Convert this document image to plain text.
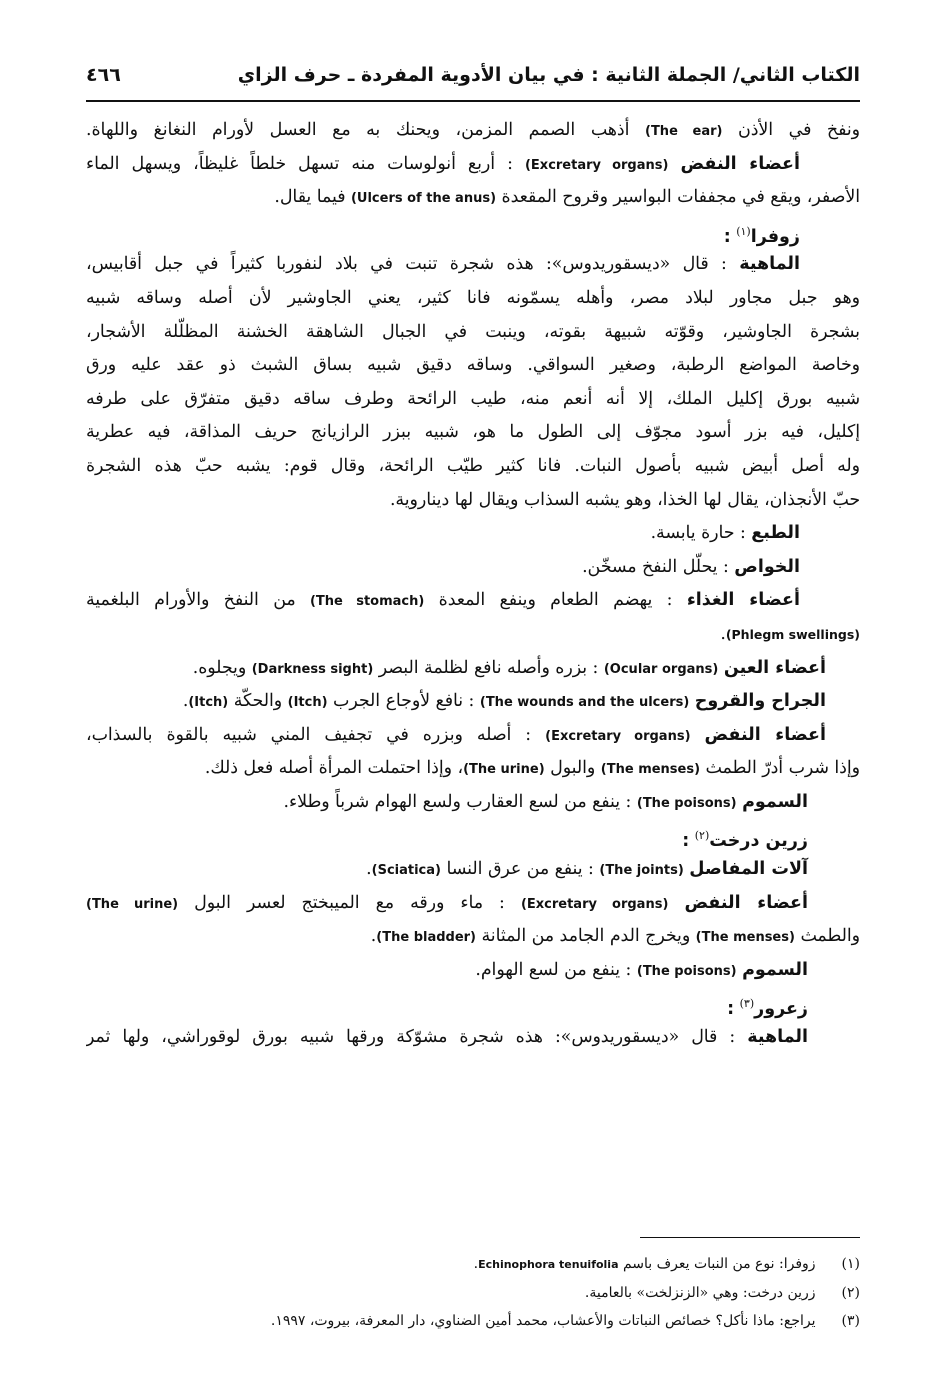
الكتاب الثاني/ الجملة الثانية : في بيان الأدوية المفردة ـ حرف الزاي
٤٦٦
ونفخ في الأذن (The ear) أذهب الصمم المزمن، ويحنك به مع العسل لأورام النغانغ واللهاة.
أعضاء النفض (Excretary organs) : أربع أنولوسات منه تسهل خلطاً غليظاً، ويسهل الماء
الأصفر، ويقع في مجففات البواسير وقروح المقعدة (Ulcers of the anus) فيما يقال.
زوفرا$^{(١)}$ :
الماهية : قال «ديسقوريدوس»: هذه شجرة تنبت في بلاد لنفوربا كثيراً في جبل أقابيس،
وهو جبل مجاور لبلاد مصر، وأهله يسمّونه فانا كثير، يعني الجاوشير لأن أصله وساقه شبيه
بشجرة الجاوشير، وقوّته شبيهة بقوته، وينبت في الجبال الشاهقة الخشنة المظلّلة الأشجار،
وخاصة المواضع الرطبة، وصغير السواقي. وساقه دقيق شبيه بساق الشبث ذو عقد عليه ورق
شبيه بورق إكليل الملك، إلا أنه أنعم منه، طيب الرائحة وطرف ساقه دقيق متفرّق على طرفه
إكليل، فيه بزر أسود مجوّف إلى الطول ما هو، شبيه ببزر الرازيانج حريف المذاقة، فيه عطرية
وله أصل أبيض شبيه بأصول النبات. فانا كثير طيّب الرائحة، وقال قوم: يشبه حبّ هذه الشجرة
حبّ الأنجذان، يقال لها الخذا، وهو يشبه السذاب ويقال لها ديناروية.
الطبع : حارة يابسة.
الخواص : يحلّل النفخ مسخّن.
أعضاء الغذاء : يهضم الطعام وينفع المعدة (The stomach) من النفخ والأورام البلغمية
(Phlegm swellings).
أعضاء العين (Ocular organs) : بزره وأصله نافع لظلمة البصر (Darkness sight) ويجلوه.
الجراح والقروح (The wounds and the ulcers) : نافع لأوجاع الجرب (Itch) والحكّة (Itch).
أعضاء النفض (Excretary organs) : أصله وبزره في تجفيف المني شبيه بالقوة بالسذاب،
وإذا شرب أدرّ الطمث (The menses) والبول (The urine)، وإذا احتملت المرأة أصله فعل ذلك.
السموم (The poisons) : ينفع من لسع العقارب ولسع الهوام شرباً وطلاء.
زرين درخت$^{(٢)}$ :
آلات المفاصل (The joints) : ينفع من عرق النسا (Sciatica).
أعضاء النفض (Excretary organs) : ماء ورقه مع الميبختج لعسر البول (The urine)
والطمث (The menses) ويخرج الدم الجامد من المثانة (The bladder).
السموم (The poisons) : ينفع من لسع الهوام.
زعرور$^{(٣)}$ :
الماهية : قال «ديسقوريدوس»: هذه شجرة مشوّكة ورقها شبيه بورق لوقوراشي، ولها ثمر
(١) زوفرا: نوع من النبات يعرف باسم Echinophora tenuifolia.
(٢) زرين درخت: وهي «الزنزلخت» بالعامية.
(٣) يراجع: ماذا نأكل؟ خصائص النباتات والأعشاب، محمد أمين الضناوي، دار المعرفة، بيروت، ١٩٩٧.
